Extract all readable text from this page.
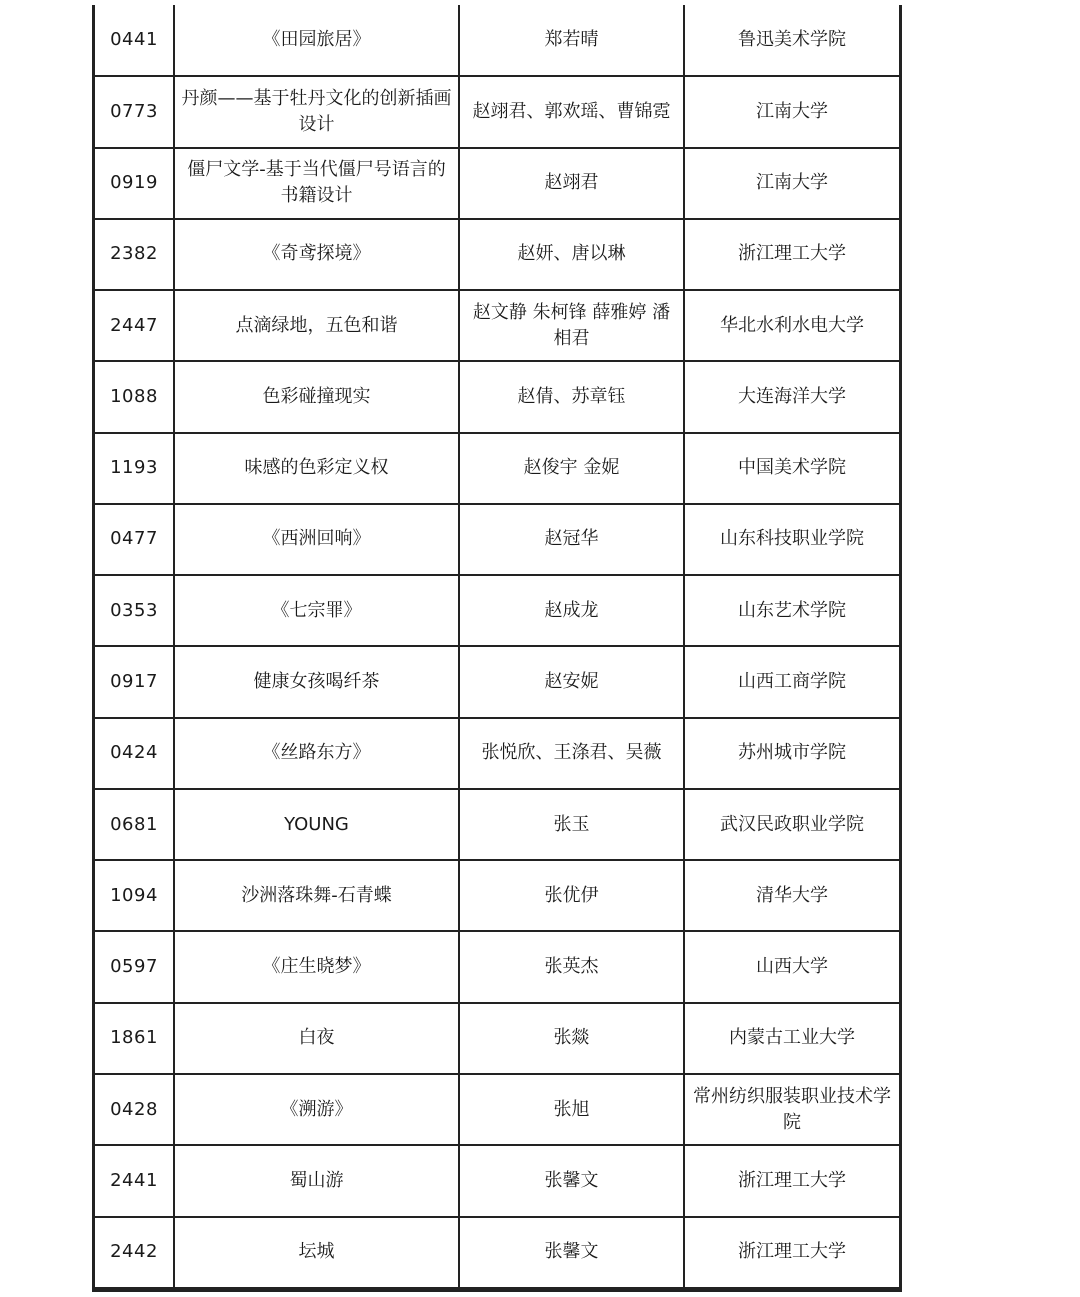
0441	《田园旅居》	郑若晴	鲁迅美术学院
0773	丹颜——基于牡丹文化的创新插画设计	赵翊君、郭欢瑶、曹锦霓	江南大学
0919	僵尸文学-基于当代僵尸号语言的书籍设计	赵翊君	江南大学
2382	《奇鸢探境》	赵妍、唐以琳	浙江理工大学
2447	点滴绿地，五色和谐	赵文静 朱柯锋 薛雅婷 潘相君	华北水利水电大学
1088	色彩碰撞现实	赵倩、苏章钰	大连海洋大学
1193	味感的色彩定义权	赵俊宇 金妮	中国美术学院
0477	《西洲回响》	赵冠华	山东科技职业学院
0353	《七宗罪》	赵成龙	山东艺术学院
0917	健康女孩喝纤茶	赵安妮	山西工商学院
0424	《丝路东方》	张悦欣、王涤君、吴薇	苏州城市学院
0681	YOUNG	张玉	武汉民政职业学院
1094	沙洲落珠舞-石青蝶	张优伊	清华大学
0597	《庄生晓梦》	张英杰	山西大学
1861	白夜	张燚	内蒙古工业大学
0428	《溯游》	张旭	常州纺织服装职业技术学院
2441	蜀山游	张馨文	浙江理工大学
2442	坛城	张馨文	浙江理工大学
